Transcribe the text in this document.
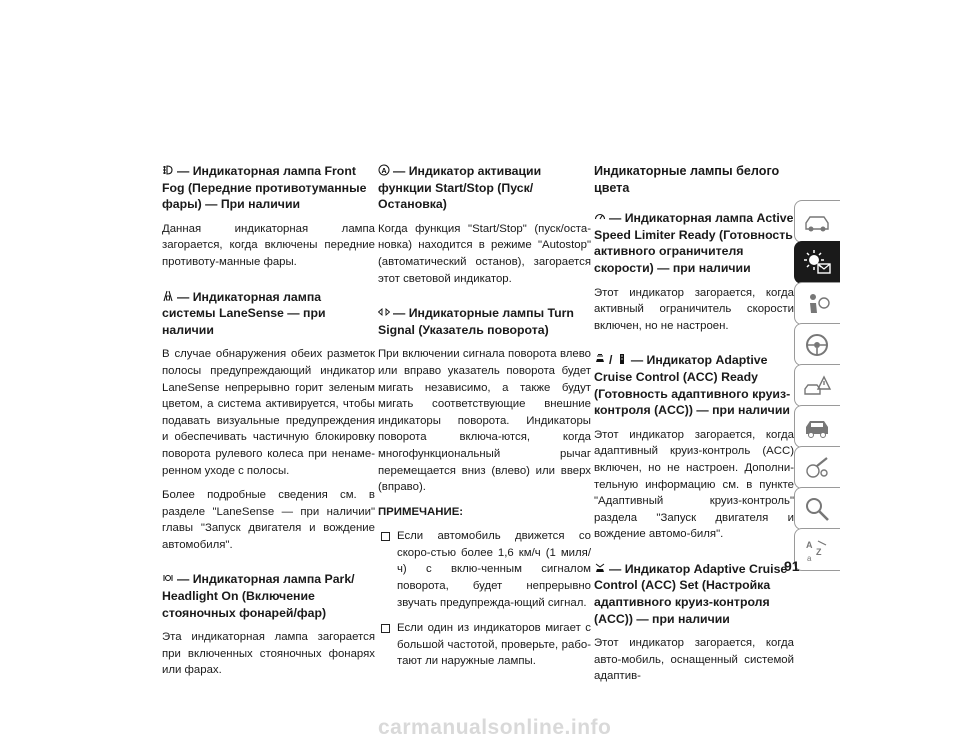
— Индикаторная лампа Front Fog (Передние противотуманные фары) — При наличии

Данная индикаторная лампа загорается, когда включены передние противоту-манные фары.

— Индикаторная лампа системы LaneSense — при наличии

В случае обнаружения обеих разметок полосы предупреждающий индикатор LaneSense непрерывно горит зеленым цветом, а система активируется, чтобы подавать визуальные предупреждения и обеспечивать частичную блокировку поворота рулевого колеса при ненаме-ренном уходе с полосы.

Более подробные сведения см. в разделе "LaneSense — при наличии" главы "Запуск двигателя и вождение автомобиля".

— Индикаторная лампа Park/ Headlight On (Включение стояночных фонарей/фар)

Эта индикаторная лампа загорается при включенных стояночных фонарях или фарах.

A — Индикатор активации функции Start/Stop (Пуск/Остановка)

Когда функция "Start/Stop" (пуск/оста-новка) находится в режиме "Autostop" (автоматический останов), загорается этот световой индикатор.

— Индикаторные лампы Turn Signal (Указатель поворота)

При включении сигнала поворота влево или вправо указатель поворота будет мигать независимо, а также будут мигать соответствующие внешние индикаторы поворота. Индикаторы поворота включа-ются, когда многофункциональный рычаг перемещается вниз (влево) или вверх (вправо).

ПРИМЕЧАНИЕ:
Если автомобиль движется со скоро-стью более 1,6 км/ч (1 миля/ч) с вклю-ченным сигналом поворота, будет непрерывно звучать предупрежда-ющий сигнал.
Если один из индикаторов мигает с большой частотой, проверьте, рабо-тают ли наружные лампы.
Индикаторные лампы белого цвета
— Индикаторная лампа Active Speed Limiter Ready (Готовность активного ограничителя скорости) — при наличии

Этот индикатор загорается, когда активный ограничитель скорости включен, но не настроен.

/ — Индикатор Adaptive Cruise Control (ACC) Ready (Готовность адаптивного круиз-контроля (ACC)) — при наличии

Этот индикатор загорается, когда адаптивный круиз-контроль (ACC) включен, но не настроен. Дополни-тельную информацию см. в пункте "Адаптивный круиз-контроль" раздела "Запуск двигателя и вождение автомо-биля".

— Индикатор Adaptive Cruise Control (ACC) Set (Настройка адаптивного круиз-контроля (ACC)) — при наличии

Этот индикатор загорается, когда авто-мобиль, оснащенный системой адаптив-

A
Z
a
91
carmanualsonline.info
